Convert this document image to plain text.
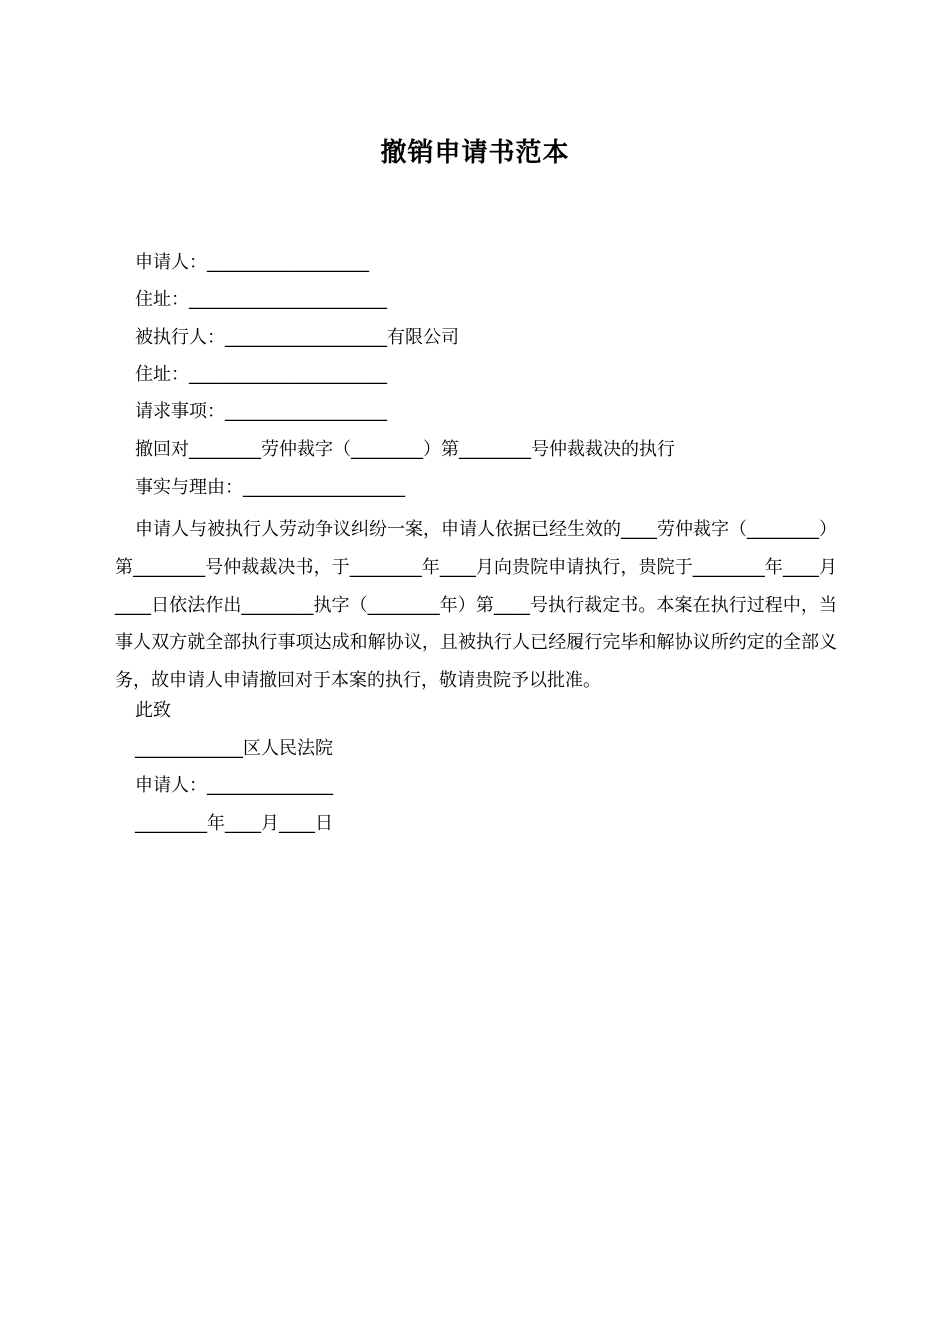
撤销申请书范本
申请人：__________________
住址：______________________
被执行人：__________________有限公司
住址：______________________
请求事项：__________________
撤回对________劳仲裁字（________）第________号仲裁裁决的执行
事实与理由：__________________
申请人与被执行人劳动争议纠纷一案，申请人依据已经生效的____劳仲裁字（________）第________号仲裁裁决书，于________年____月向贵院申请执行，贵院于________年____月____日依法作出________执字（________年）第____号执行裁定书。本案在执行过程中，当事人双方就全部执行事项达成和解协议，且被执行人已经履行完毕和解协议所约定的全部义务，故申请人申请撤回对于本案的执行，敬请贵院予以批准。
此致
____________区人民法院
申请人：______________
________年____月____日
